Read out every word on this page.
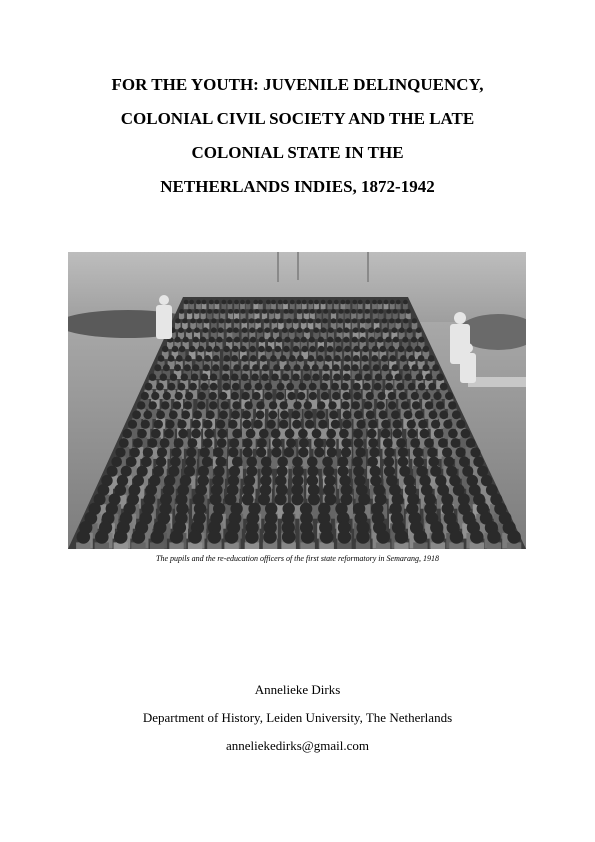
FOR THE YOUTH: JUVENILE DELINQUENCY,
COLONIAL CIVIL SOCIETY AND THE LATE
COLONIAL STATE IN THE
NETHERLANDS INDIES, 1872-1942
The pupils and the re-education officers of the first state reformatory in Semarang, 1918
Annelieke Dirks
Department of History, Leiden University, The Netherlands
anneliekedirks@gmail.com
